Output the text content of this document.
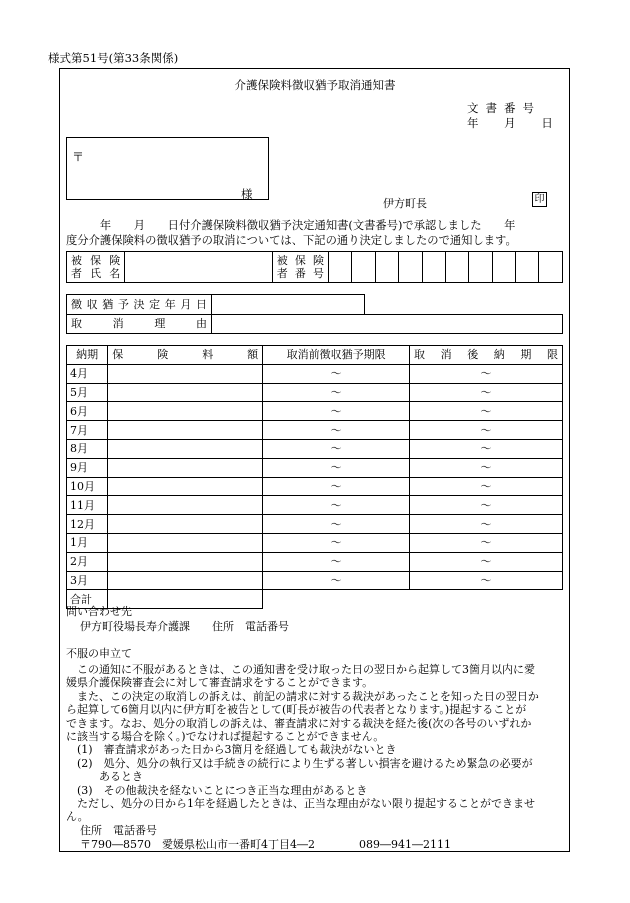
様式第51号(第33条関係)
介護保険料徴収猶予取消通知書
文書番号
年 月 日
〒
様
伊方町長	印
　　　年　　月　　日付介護保険料徴収猶予決定通知書(文書番号)で承認しました　　年
度分介護保険料の徴収猶予の取消については、下記の通り決定しましたので通知します。
被保険
者氏名

被保険
者番号

徴収猶予決定年月日		
取消理由		
納期	保険料額	取消前徴収猶予期限	取消後納期限
4月		～	～
5月		～	～
6月		～	～
7月		～	～
8月		～	～
9月		～	～
10月		～	～
11月		～	～
12月		～	～
1月		～	～
2月		～	～
3月		～	～
合計			
問い合わせ先
伊方町役場長寿介護課　　住所　電話番号
不服の申立て
　この通知に不服があるときは、この通知書を受け取った日の翌日から起算して3箇月以内に愛
媛県介護保険審査会に対して審査請求をすることができます。
　また、この決定の取消しの訴えは、前記の請求に対する裁決があったことを知った日の翌日か
ら起算して6箇月以内に伊方町を被告として(町長が被告の代表者となります。)提起することが
できます。なお、処分の取消しの訴えは、審査請求に対する裁決を経た後(次の各号のいずれか
に該当する場合を除く。)でなければ提起することができません。
　(1)　審査請求があった日から3箇月を経過しても裁決がないとき
　(2)　処分、処分の執行又は手続きの続行により生ずる著しい損害を避けるため緊急の必要が
　　　あるとき
　(3)　その他裁決を経ないことにつき正当な理由があるとき
　ただし、処分の日から1年を経過したときは、正当な理由がない限り提起することができませ
ん。
住所　電話番号
〒790―8570　愛媛県松山市一番町4丁目4―2　　　　089―941―2111
